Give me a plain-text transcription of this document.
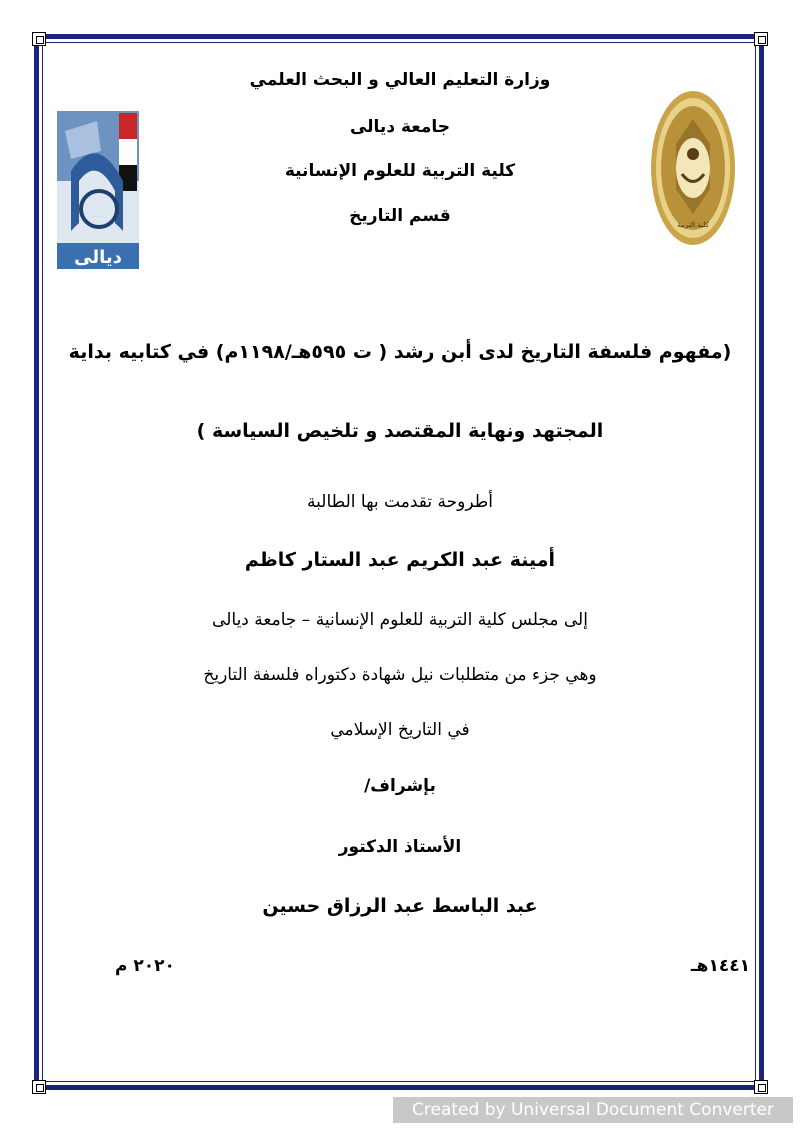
ديالى
كلية التربية
وزارة التعليم العالي و البحث العلمي
جامعة ديالى
كلية التربية للعلوم الإنسانية
قسم التاريخ
(مفهوم فلسفة التاريخ لدى أبن رشد ( ت ٥٩٥هـ/١١٩٨م) في كتابيه بداية
المجتهد ونهاية المقتصد و تلخيص السياسة )
أطروحة تقدمت بها الطالبة
أمينة عبد الكريم عبد الستار كاظم
إلى مجلس كلية التربية للعلوم الإنسانية – جامعة ديالى
وهي جزء من متطلبات نيل شهادة دكتوراه فلسفة التاريخ
في التاريخ الإسلامي
بإشراف/
الأستاذ الدكتور
عبد الباسط عبد الرزاق حسين
١٤٤١هـ
٢٠٢٠ م
Created by Universal Document Converter
